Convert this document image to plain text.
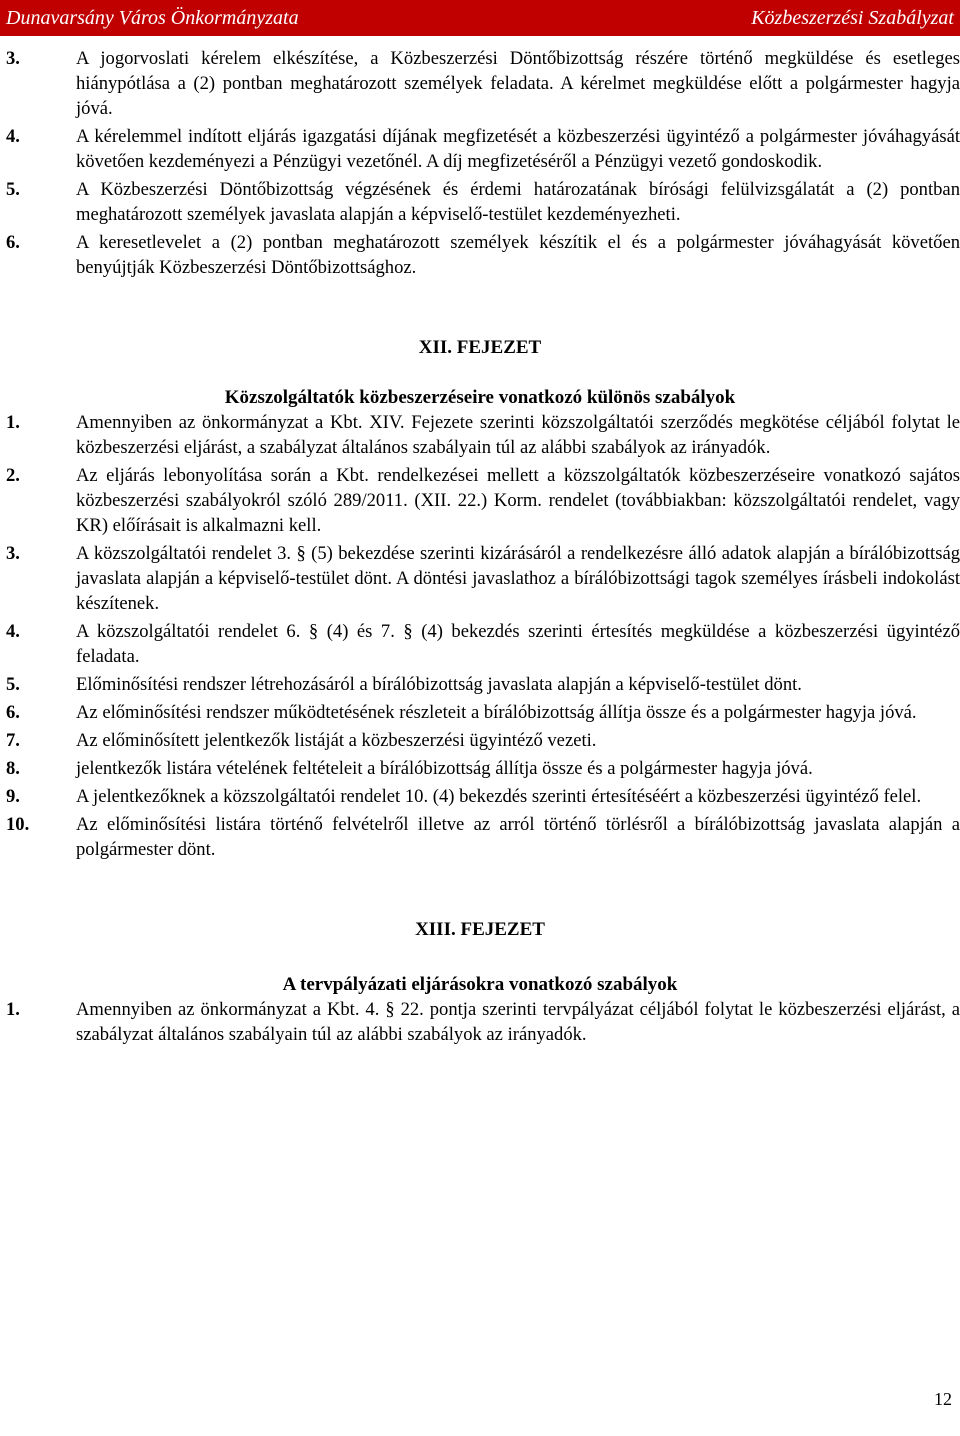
Dunavarsány Város Önkormányzata	Közbeszerzési Szabályzat
3.	A jogorvoslati kérelem elkészítése, a Közbeszerzési Döntőbizottság részére történő megküldése és esetleges hiánypótlása a (2) pontban meghatározott személyek feladata. A kérelmet megküldése előtt a polgármester hagyja jóvá.
4.	A kérelemmel indított eljárás igazgatási díjának megfizetését a közbeszerzési ügyintéző a polgármester jóváhagyását követően kezdeményezi a Pénzügyi vezetőnél. A díj megfizetéséről a Pénzügyi vezető gondoskodik.
5.	A Közbeszerzési Döntőbizottság végzésének és érdemi határozatának bírósági felülvizsgálatát a (2) pontban meghatározott személyek javaslata alapján a képviselő-testület kezdeményezheti.
6.	A keresetlevelet a (2) pontban meghatározott személyek készítik el és a polgármester jóváhagyását követően benyújtják Közbeszerzési Döntőbizottsághoz.
XII. FEJEZET
Közszolgáltatók közbeszerzéseire vonatkozó különös szabályok
1.	Amennyiben az önkormányzat a Kbt. XIV. Fejezete szerinti közszolgáltatói szerződés megkötése céljából folytat le közbeszerzési eljárást, a szabályzat általános szabályain túl az alábbi szabályok az irányadók.
2.	Az eljárás lebonyolítása során a Kbt. rendelkezései mellett a közszolgáltatók közbeszerzéseire vonatkozó sajátos közbeszerzési szabályokról szóló 289/2011. (XII. 22.) Korm. rendelet (továbbiakban: közszolgáltatói rendelet, vagy KR) előírásait is alkalmazni kell.
3.	A közszolgáltatói rendelet 3. § (5) bekezdése szerinti kizárásáról a rendelkezésre álló adatok alapján a bírálóbizottság javaslata alapján a képviselő-testület dönt. A döntési javaslathoz a bírálóbizottsági tagok személyes írásbeli indokolást készítenek.
4.	A közszolgáltatói rendelet 6. § (4) és 7. § (4) bekezdés szerinti értesítés megküldése a közbeszerzési ügyintéző feladata.
5.	Előminősítési rendszer létrehozásáról a bírálóbizottság javaslata alapján a képviselő-testület dönt.
6.	Az előminősítési rendszer működtetésének részleteit a bírálóbizottság állítja össze és a polgármester hagyja jóvá.
7.	Az előminősített jelentkezők listáját a közbeszerzési ügyintéző vezeti.
8.	jelentkezők listára vételének feltételeit a bírálóbizottság állítja össze és a polgármester hagyja jóvá.
9.	A jelentkezőknek a közszolgáltatói rendelet 10. (4) bekezdés szerinti értesítéséért a közbeszerzési ügyintéző felel.
10.	Az előminősítési listára történő felvételről illetve az arról történő törlésről a bírálóbizottság javaslata alapján a polgármester dönt.
XIII. FEJEZET
A tervpályázati eljárásokra vonatkozó szabályok
1.	Amennyiben az önkormányzat a Kbt. 4. § 22. pontja szerinti tervpályázat céljából folytat le közbeszerzési eljárást, a szabályzat általános szabályain túl az alábbi szabályok az irányadók.
12
